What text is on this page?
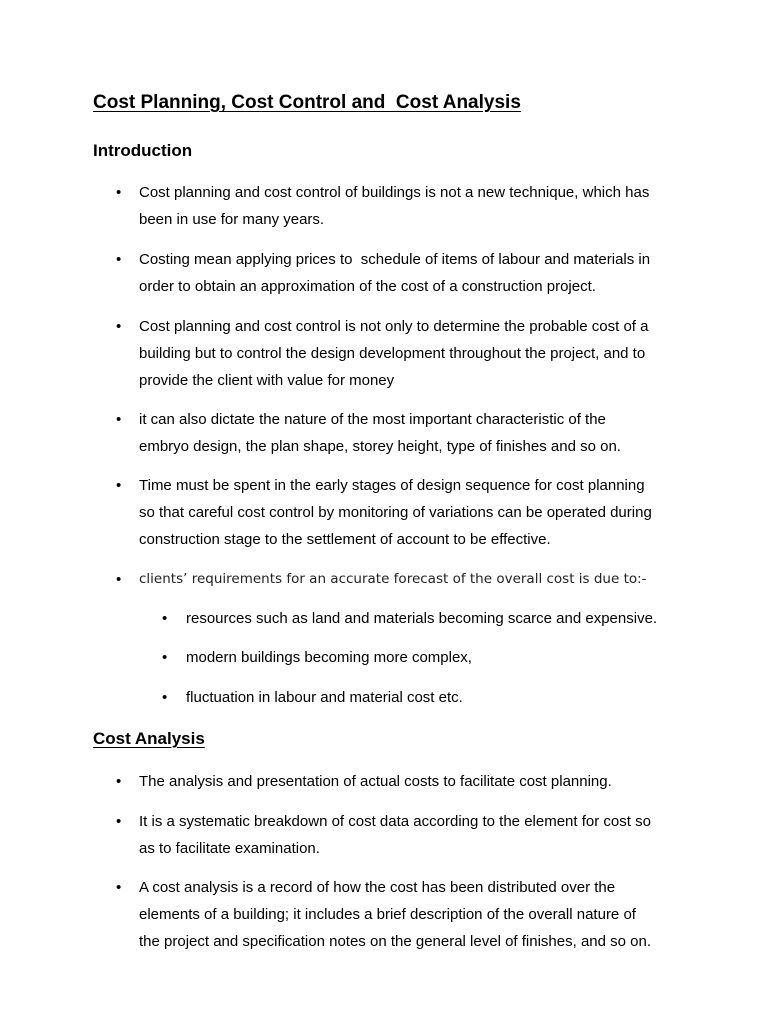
Cost Planning, Cost Control and  Cost Analysis
Introduction
• Cost planning and cost control of buildings is not a new technique, which has
been in use for many years.
• Costing mean applying prices to  schedule of items of labour and materials in
order to obtain an approximation of the cost of a construction project.
• Cost planning and cost control is not only to determine the probable cost of a
building but to control the design development throughout the project, and to
provide the client with value for money
• it can also dictate the nature of the most important characteristic of the
embryo design, the plan shape, storey height, type of finishes and so on.
• Time must be spent in the early stages of design sequence for cost planning
so that careful cost control by monitoring of variations can be operated during
construction stage to the settlement of account to be effective.
• clients’ requirements for an accurate forecast of the overall cost is due to:-
• resources such as land and materials becoming scarce and expensive.
• modern buildings becoming more complex,
• fluctuation in labour and material cost etc.
Cost Analysis
• The analysis and presentation of actual costs to facilitate cost planning.
• It is a systematic breakdown of cost data according to the element for cost so
as to facilitate examination.
• A cost analysis is a record of how the cost has been distributed over the
elements of a building; it includes a brief description of the overall nature of
the project and specification notes on the general level of finishes, and so on.
